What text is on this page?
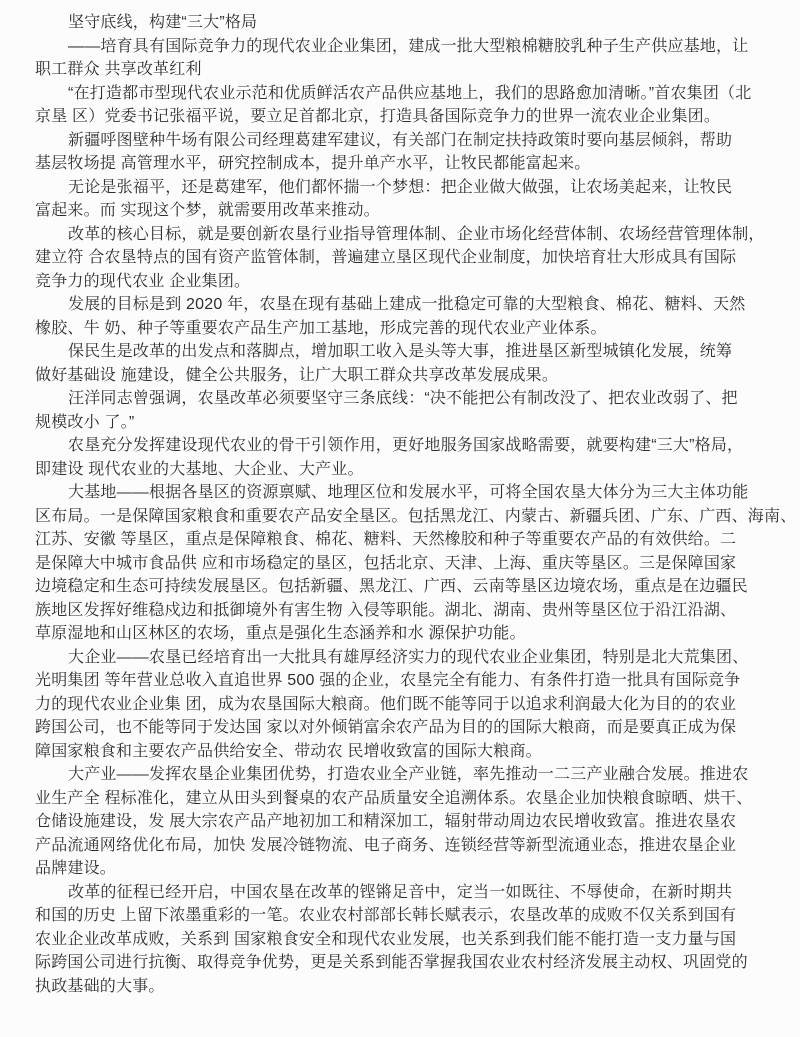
坚守底线，构建“三大”格局
——培育具有国际竞争力的现代农业企业集团，建成一批大型粮棉糖胶乳种子生产供应基地，让
职工群众 共享改革红利
“在打造都市型现代农业示范和优质鲜活农产品供应基地上，我们的思路愈加清晰。”首农集团（北
京垦 区）党委书记张福平说，要立足首都北京，打造具备国际竞争力的世界一流农业企业集团。
新疆呼图壁种牛场有限公司经理葛建军建议，有关部门在制定扶持政策时要向基层倾斜，帮助
基层牧场提 高管理水平，研究控制成本，提升单产水平，让牧民都能富起来。
无论是张福平，还是葛建军，他们都怀揣一个梦想：把企业做大做强，让农场美起来，让牧民
富起来。而 实现这个梦，就需要用改革来推动。
改革的核心目标，就是要创新农垦行业指导管理体制、企业市场化经营体制、农场经营管理体制，
建立符 合农垦特点的国有资产监管体制，普遍建立垦区现代企业制度，加快培育壮大形成具有国际
竞争力的现代农业 企业集团。
发展的目标是到 2020 年，农垦在现有基础上建成一批稳定可靠的大型粮食、棉花、糖料、天然
橡胶、牛 奶、种子等重要农产品生产加工基地，形成完善的现代农业产业体系。
保民生是改革的出发点和落脚点，增加职工收入是头等大事，推进垦区新型城镇化发展，统筹
做好基础设 施建设，健全公共服务，让广大职工群众共享改革发展成果。
汪洋同志曾强调，农垦改革必须要坚守三条底线：“决不能把公有制改没了、把农业改弱了、把
规模改小 了。”
农垦充分发挥建设现代农业的骨干引领作用，更好地服务国家战略需要，就要构建“三大”格局，
即建设 现代农业的大基地、大企业、大产业。
大基地——根据各垦区的资源禀赋、地理区位和发展水平，可将全国农垦大体分为三大主体功能
区布局。一是保障国家粮食和重要农产品安全垦区。包括黑龙江、内蒙古、新疆兵团、广东、广西、海南、
江苏、安徽 等垦区，重点是保障粮食、棉花、糖料、天然橡胶和种子等重要农产品的有效供给。二
是保障大中城市食品供 应和市场稳定的垦区，包括北京、天津、上海、重庆等垦区。三是保障国家
边境稳定和生态可持续发展垦区。包括新疆、黑龙江、广西、云南等垦区边境农场，重点是在边疆民
族地区发挥好维稳戍边和抵御境外有害生物 入侵等职能。湖北、湖南、贵州等垦区位于沿江沿湖、
草原湿地和山区林区的农场，重点是强化生态涵养和水 源保护功能。
大企业——农垦已经培育出一大批具有雄厚经济实力的现代农业企业集团，特别是北大荒集团、
光明集团 等年营业总收入直追世界 500 强的企业，农垦完全有能力、有条件打造一批具有国际竞争
力的现代农业企业集 团，成为农垦国际大粮商。他们既不能等同于以追求利润最大化为目的的农业
跨国公司，也不能等同于发达国 家以对外倾销富余农产品为目的的国际大粮商，而是要真正成为保
障国家粮食和主要农产品供给安全、带动农 民增收致富的国际大粮商。
大产业——发挥农垦企业集团优势，打造农业全产业链，率先推动一二三产业融合发展。推进农
业生产全 程标准化，建立从田头到餐桌的农产品质量安全追溯体系。农垦企业加快粮食晾晒、烘干、
仓储设施建设，发 展大宗农产品产地初加工和精深加工，辐射带动周边农民增收致富。推进农垦农
产品流通网络优化布局，加快 发展冷链物流、电子商务、连锁经营等新型流通业态，推进农垦企业
品牌建设。
改革的征程已经开启，中国农垦在改革的铿锵足音中，定当一如既往、不辱使命，在新时期共
和国的历史 上留下浓墨重彩的一笔。农业农村部部长韩长赋表示，农垦改革的成败不仅关系到国有
农业企业改革成败，关系到 国家粮食安全和现代农业发展，也关系到我们能不能打造一支力量与国
际跨国公司进行抗衡、取得竞争优势，更是关系到能否掌握我国农业农村经济发展主动权、巩固党的
执政基础的大事。
